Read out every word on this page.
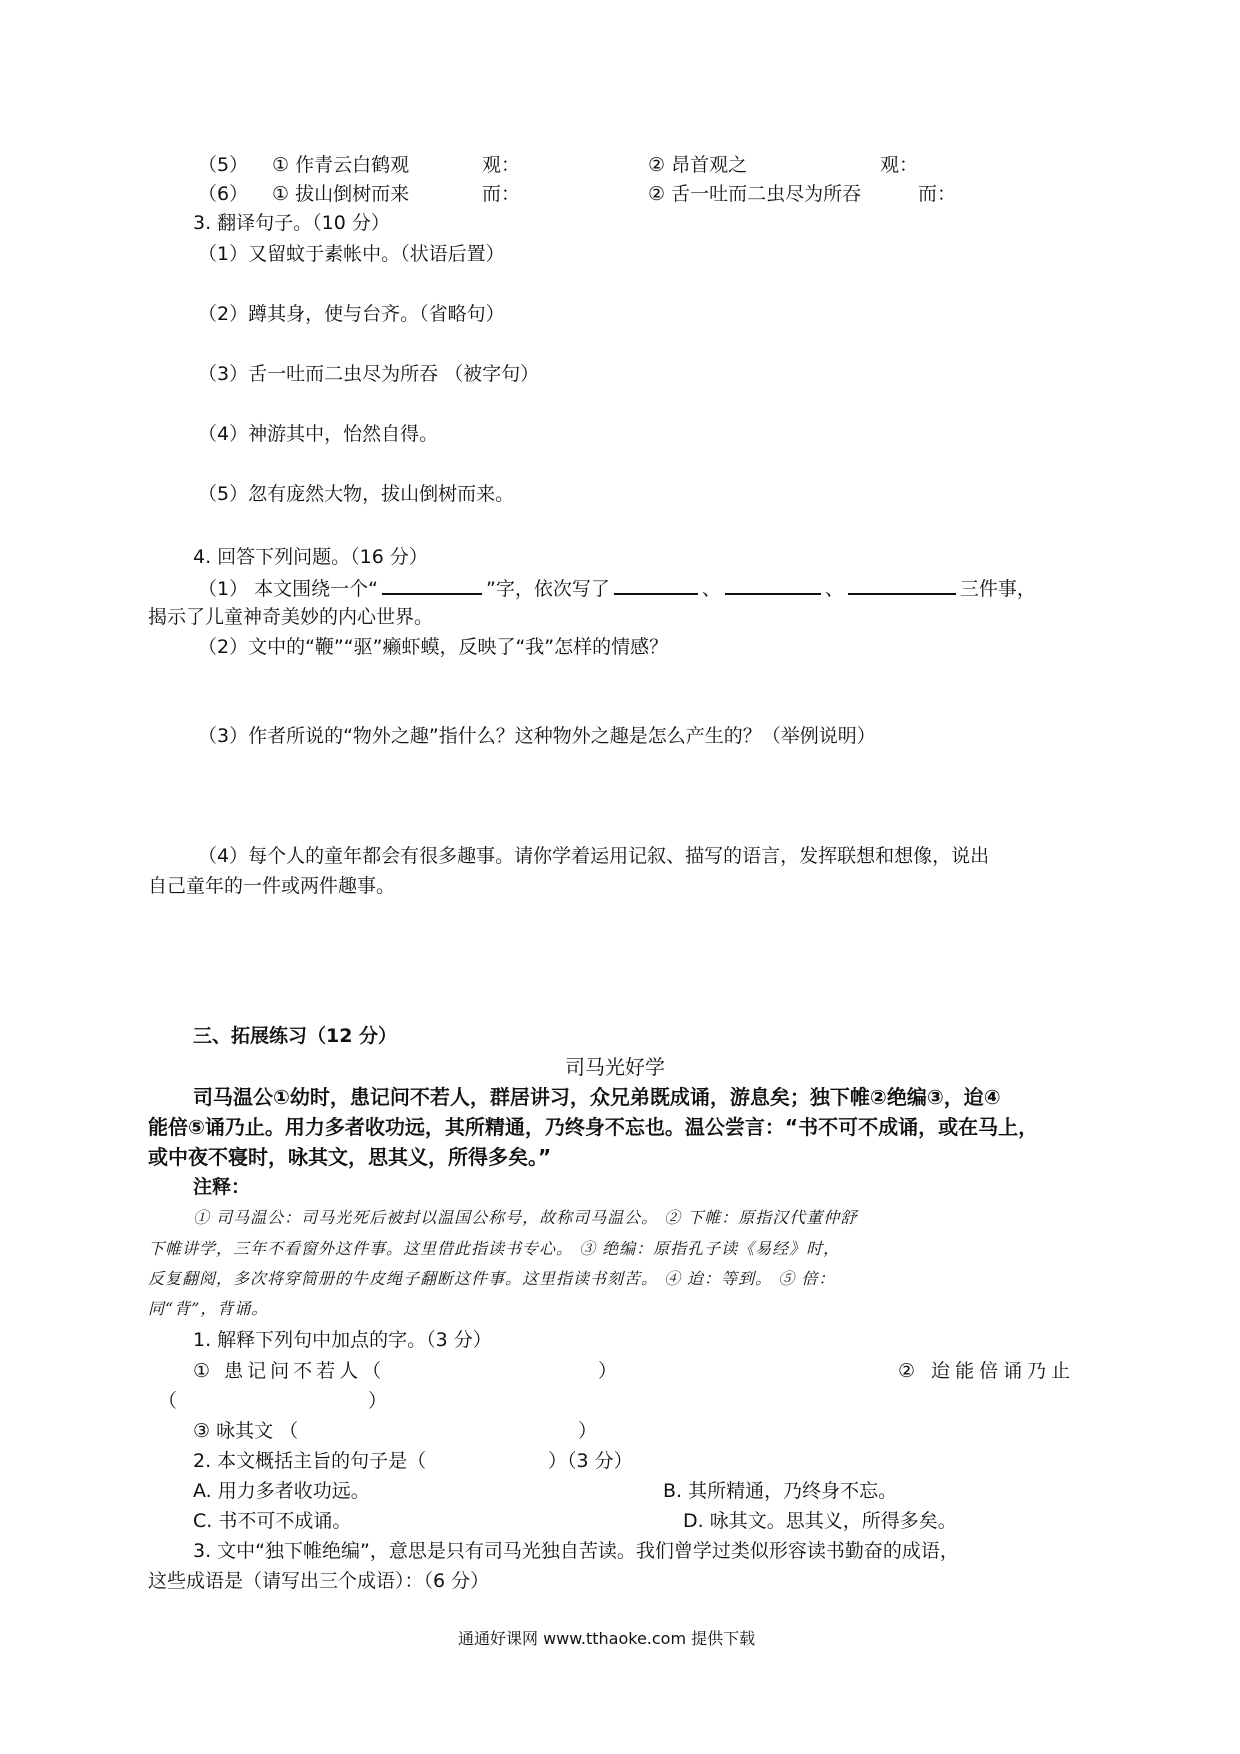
（5） ① 作青云白鹤观	观：	② 昂首观之	观：
（6） ① 拔山倒树而来	而：	② 舌一吐而二虫尽为所吞	而：
3. 翻译句子。（10 分）
（1）又留蚊于素帐中。（状语后置）
（2）蹲其身，使与台齐。（省略句）
（3）舌一吐而二虫尽为所吞 （被字句）
（4）神游其中，怡然自得。
（5）忽有庞然大物，拔山倒树而来。
4. 回答下列问题。（16 分）
（1） 本文围绕一个“	”字，依次写了	、	、	三件事，
揭示了儿童神奇美妙的内心世界。
（2）文中的“鞭”“驱”癞虾蟆，反映了“我”怎样的情感？
（3）作者所说的“物外之趣”指什么？这种物外之趣是怎么产生的？（举例说明）
（4）每个人的童年都会有很多趣事。请你学着运用记叙、描写的语言，发挥联想和想像，说出
自己童年的一件或两件趣事。
三、拓展练习（12 分）
司马光好学
司马温公①幼时，患记问不若人，群居讲习，众兄弟既成诵，游息矣；独下帷②绝编③，迨④
能倍⑤诵乃止。用力多者收功远，其所精通，乃终身不忘也。温公尝言：“书不可不成诵，或在马上，
或中夜不寝时，咏其文，思其义，所得多矣。”
注释：
① 司马温公：司马光死后被封以温国公称号，故称司马温公。 ② 下帷：原指汉代董仲舒
下帷讲学，三年不看窗外这件事。这里借此指读书专心。 ③ 绝编：原指孔子读《易经》时，
反复翻阅，多次将穿简册的牛皮绳子翻断这件事。这里指读书刻苦。 ④ 迨：等到。 ⑤ 倍：
同“背”，背诵。
1. 解释下列句中加点的字。（3 分）
① 患记问不若人（	）	② 迨能倍诵乃止
（	）
③ 咏其文 （	）
2. 本文概括主旨的句子是（	）（3 分）
A. 用力多者收功远。	B. 其所精通，乃终身不忘。
C. 书不可不成诵。	D. 咏其文。思其义，所得多矣。
3. 文中“独下帷绝编”，意思是只有司马光独自苦读。我们曾学过类似形容读书勤奋的成语，
这些成语是（请写出三个成语）：（6 分）
通通好课网 www.tthaoke.com 提供下载
